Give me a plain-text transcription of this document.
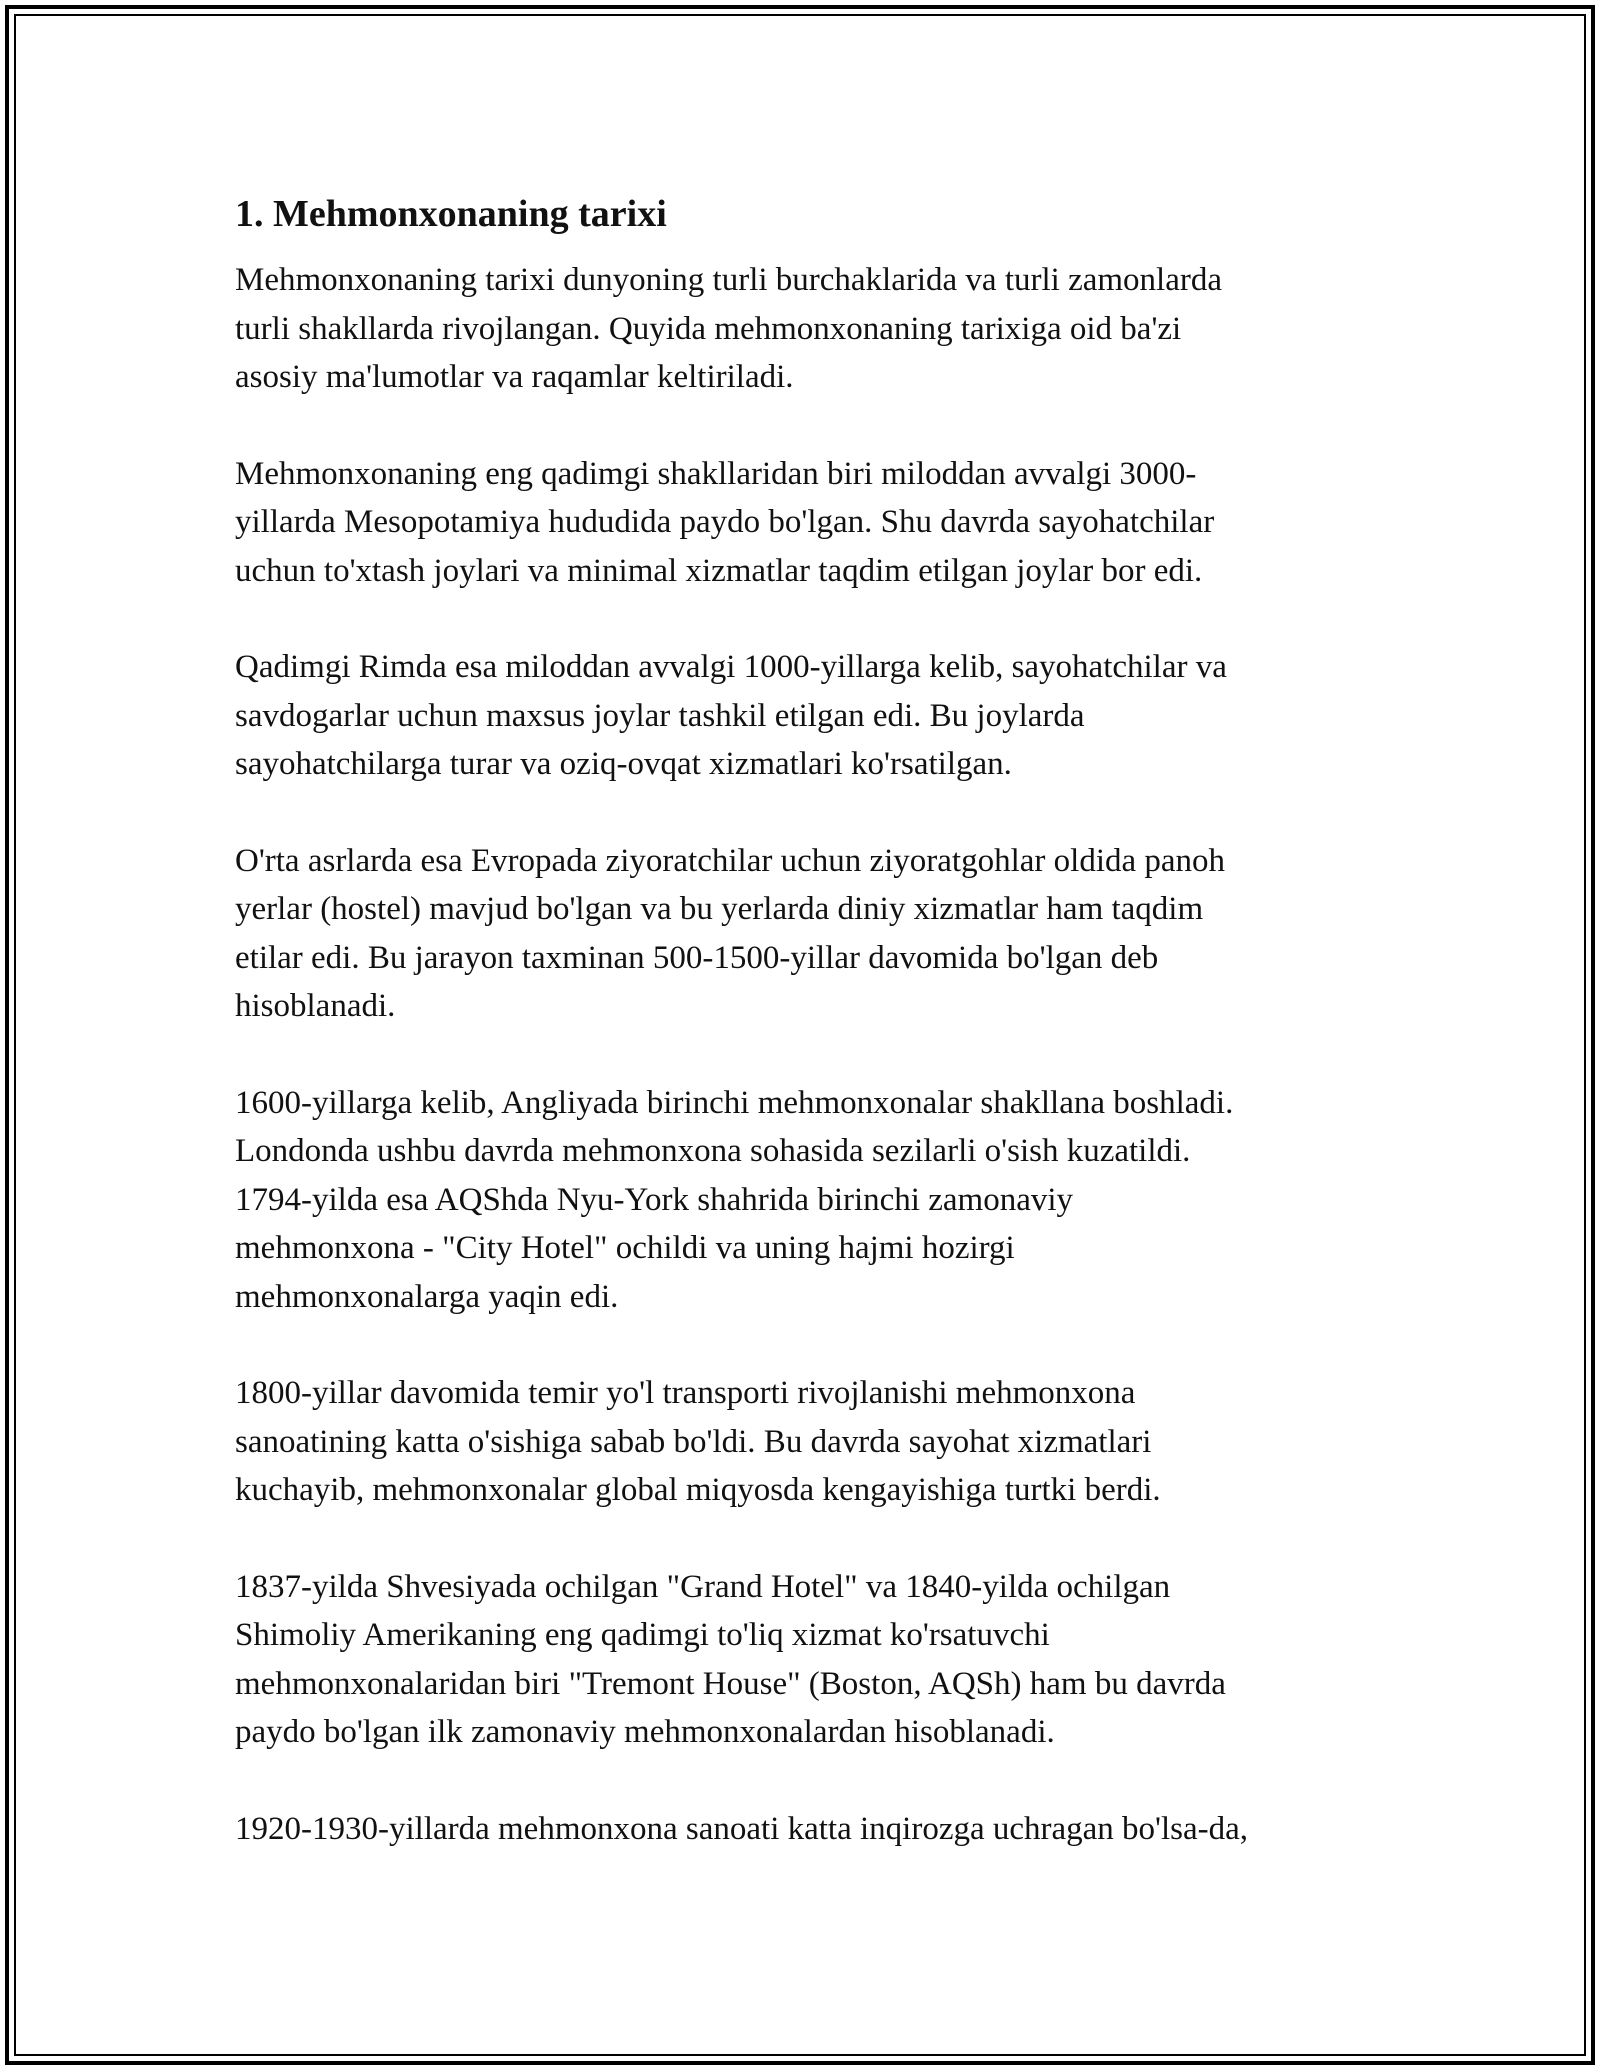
1. Mehmonxonaning tarixi

Mehmonxonaning tarixi dunyoning turli burchaklarida va turli zamonlarda
turli shakllarda rivojlangan. Quyida mehmonxonaning tarixiga oid ba'zi
asosiy ma'lumotlar va raqamlar keltiriladi.

Mehmonxonaning eng qadimgi shakllaridan biri miloddan avvalgi 3000-
yillarda Mesopotamiya hududida paydo bo'lgan. Shu davrda sayohatchilar
uchun to'xtash joylari va minimal xizmatlar taqdim etilgan joylar bor edi.

Qadimgi Rimda esa miloddan avvalgi 1000-yillarga kelib, sayohatchilar va
savdogarlar uchun maxsus joylar tashkil etilgan edi. Bu joylarda
sayohatchilarga turar va oziq-ovqat xizmatlari ko'rsatilgan.

O'rta asrlarda esa Evropada ziyoratchilar uchun ziyoratgohlar oldida panoh
yerlar (hostel) mavjud bo'lgan va bu yerlarda diniy xizmatlar ham taqdim
etilar edi. Bu jarayon taxminan 500-1500-yillar davomida bo'lgan deb
hisoblanadi.

1600-yillarga kelib, Angliyada birinchi mehmonxonalar shakllana boshladi.
Londonda ushbu davrda mehmonxona sohasida sezilarli o'sish kuzatildi.
1794-yilda esa AQShda Nyu-York shahrida birinchi zamonaviy
mehmonxona - "City Hotel" ochildi va uning hajmi hozirgi
mehmonxonalarga yaqin edi.

1800-yillar davomida temir yo'l transporti rivojlanishi mehmonxona
sanoatining katta o'sishiga sabab bo'ldi. Bu davrda sayohat xizmatlari
kuchayib, mehmonxonalar global miqyosda kengayishiga turtki berdi.

1837-yilda Shvesiyada ochilgan "Grand Hotel" va 1840-yilda ochilgan
Shimoliy Amerikaning eng qadimgi to'liq xizmat ko'rsatuvchi
mehmonxonalaridan biri "Tremont House" (Boston, AQSh) ham bu davrda
paydo bo'lgan ilk zamonaviy mehmonxonalardan hisoblanadi.

1920-1930-yillarda mehmonxona sanoati katta inqirozga uchragan bo'lsa-da,
